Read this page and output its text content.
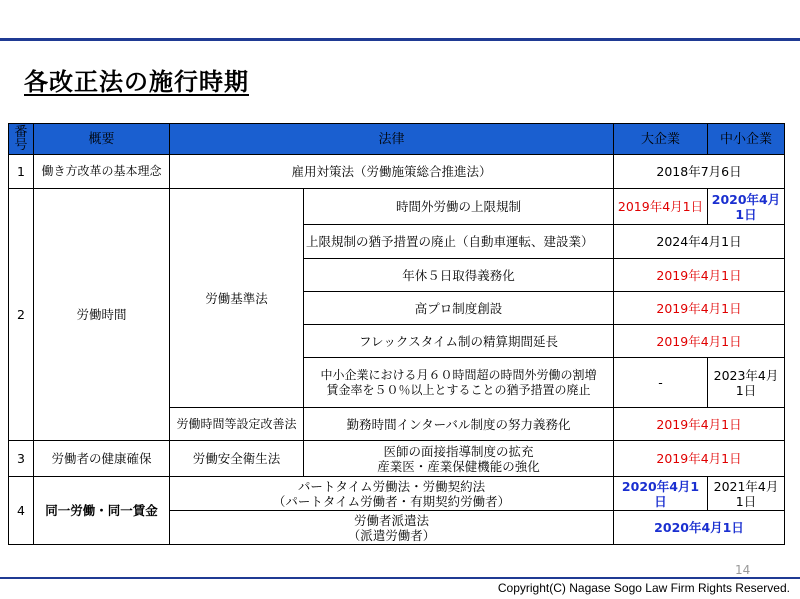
各改正法の施行時期
番号	概要	法律		大企業	中小企業
1	働き方改革の基本理念	雇用対策法（労働施策総合推進法）		2018年7月6日	
2	労働時間	労働基準法	時間外労働の上限規制	2019年4月1日	2020年4月1日
			上限規制の猶予措置の廃止（自動車運転、建設業）	2024年4月1日	
			年休５日取得義務化	2019年4月1日	
			高プロ制度創設	2019年4月1日	
			フレックスタイム制の精算期間延長	2019年4月1日	

			中小企業における月６０時間超の時間外労働の割増
賃金率を５０％以上とすることの猶予措置の廃止	-	2023年4月1日
		労働時間等設定改善法	勤務時間インターバル制度の努力義務化	2019年4月1日	
3	労働者の健康確保	労働安全衛生法	医師の面接指導制度の拡充
産業医・産業保健機能の強化	2019年4月1日	
4	同一労働・同一賃金	パートタイム労働法・労働契約法
（パートタイム労働者・有期契約労働者）		2020年4月1日	2021年4月1日

		労働者派遣法
（派遣労働者）		2020年4月1日	
14
Copyright(C) Nagase Sogo Law Firm Rights Reserved.
